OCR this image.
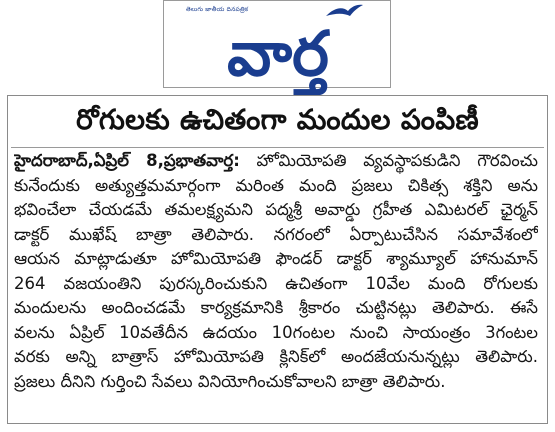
తెలుగు జాతీయ దినపత్రిక
వార్త
రోగులకు ఉచితంగా మందుల పంపిణీ
హైదరాబాద్,ఏప్రిల్ 8,ప్రభాతవార్త: హోమియోపతి వ్యవస్థాపకుడిని గౌరవించు
కునేందుకు అత్యుత్తమమార్గంగా మరింత మంది ప్రజలు చికిత్స శక్తిని అను
భవించేలా చేయడమే తమలక్ష్యమని పద్మశ్రీ అవార్డు గ్రహీత ఎమిటరల్ ఛైర్మన్
డాక్టర్ ముఖేష్ బాత్రా తెలిపారు. నగరంలో ఏర్పాటుచేసిన సమావేశంలో
ఆయన మాట్లాడుతూ హోమియోపతి ఫౌండర్ డాక్టర్ శ్యామ్యూల్ హానుమాన్
264 వజయంతిని పురస్కరించుకుని ఉచితంగా 10వేల మంది రోగులకు
మందులను అందించడమే కార్యక్రమానికి శ్రీకారం చుట్టినట్లు తెలిపారు. ఈసే
వలను ఏప్రిల్ 10వతేదీన ఉదయం 10గంటల నుంచి సాయంత్రం 3గంటల
వరకు అన్ని బాత్రాస్ హోమియోపతి క్లినిక్‌లో అందజేయనున్నట్లు తెలిపారు.
ప్రజలు దీనిని గుర్తించి సేవలు వినియోగించుకోవాలని బాత్రా తెలిపారు.
